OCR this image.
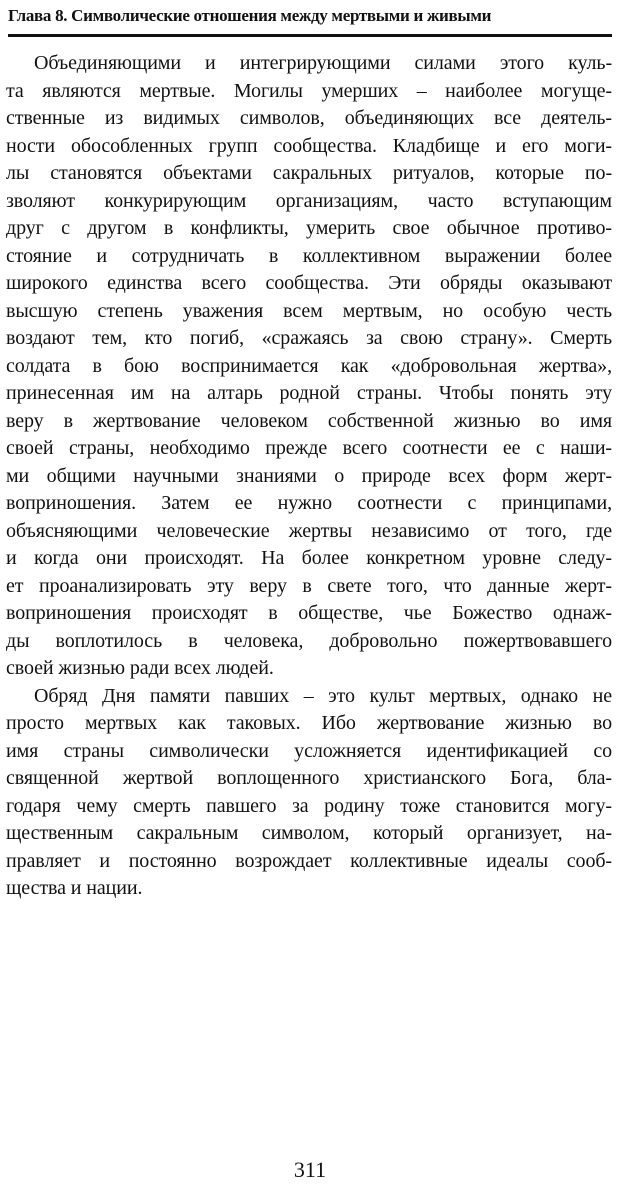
Глава 8. Символические отношения между мертвыми и живыми
Объединяющими и интегрирующими силами этого куль-
та являются мертвые. Могилы умерших – наиболее могуще-
ственные из видимых символов, объединяющих все деятель-
ности обособленных групп сообщества. Кладбище и его моги-
лы становятся объектами сакральных ритуалов, которые по-
зволяют конкурирующим организациям, часто вступающим
друг с другом в конфликты, умерить свое обычное противо-
стояние и сотрудничать в коллективном выражении более
широкого единства всего сообщества. Эти обряды оказывают
высшую степень уважения всем мертвым, но особую честь
воздают тем, кто погиб, «сражаясь за свою страну». Смерть
солдата в бою воспринимается как «добровольная жертва»,
принесенная им на алтарь родной страны. Чтобы понять эту
веру в жертвование человеком собственной жизнью во имя
своей страны, необходимо прежде всего соотнести ее с наши-
ми общими научными знаниями о природе всех форм жерт-
воприношения. Затем ее нужно соотнести с принципами,
объясняющими человеческие жертвы независимо от того, где
и когда они происходят. На более конкретном уровне следу-
ет проанализировать эту веру в свете того, что данные жерт-
воприношения происходят в обществе, чье Божество однаж-
ды воплотилось в человека, добровольно пожертвовавшего
своей жизнью ради всех людей.
Обряд Дня памяти павших – это культ мертвых, однако не
просто мертвых как таковых. Ибо жертвование жизнью во
имя страны символически усложняется идентификацией со
священной жертвой воплощенного христианского Бога, бла-
годаря чему смерть павшего за родину тоже становится могу-
щественным сакральным символом, который организует, на-
правляет и постоянно возрождает коллективные идеалы сооб-
щества и нации.
311
